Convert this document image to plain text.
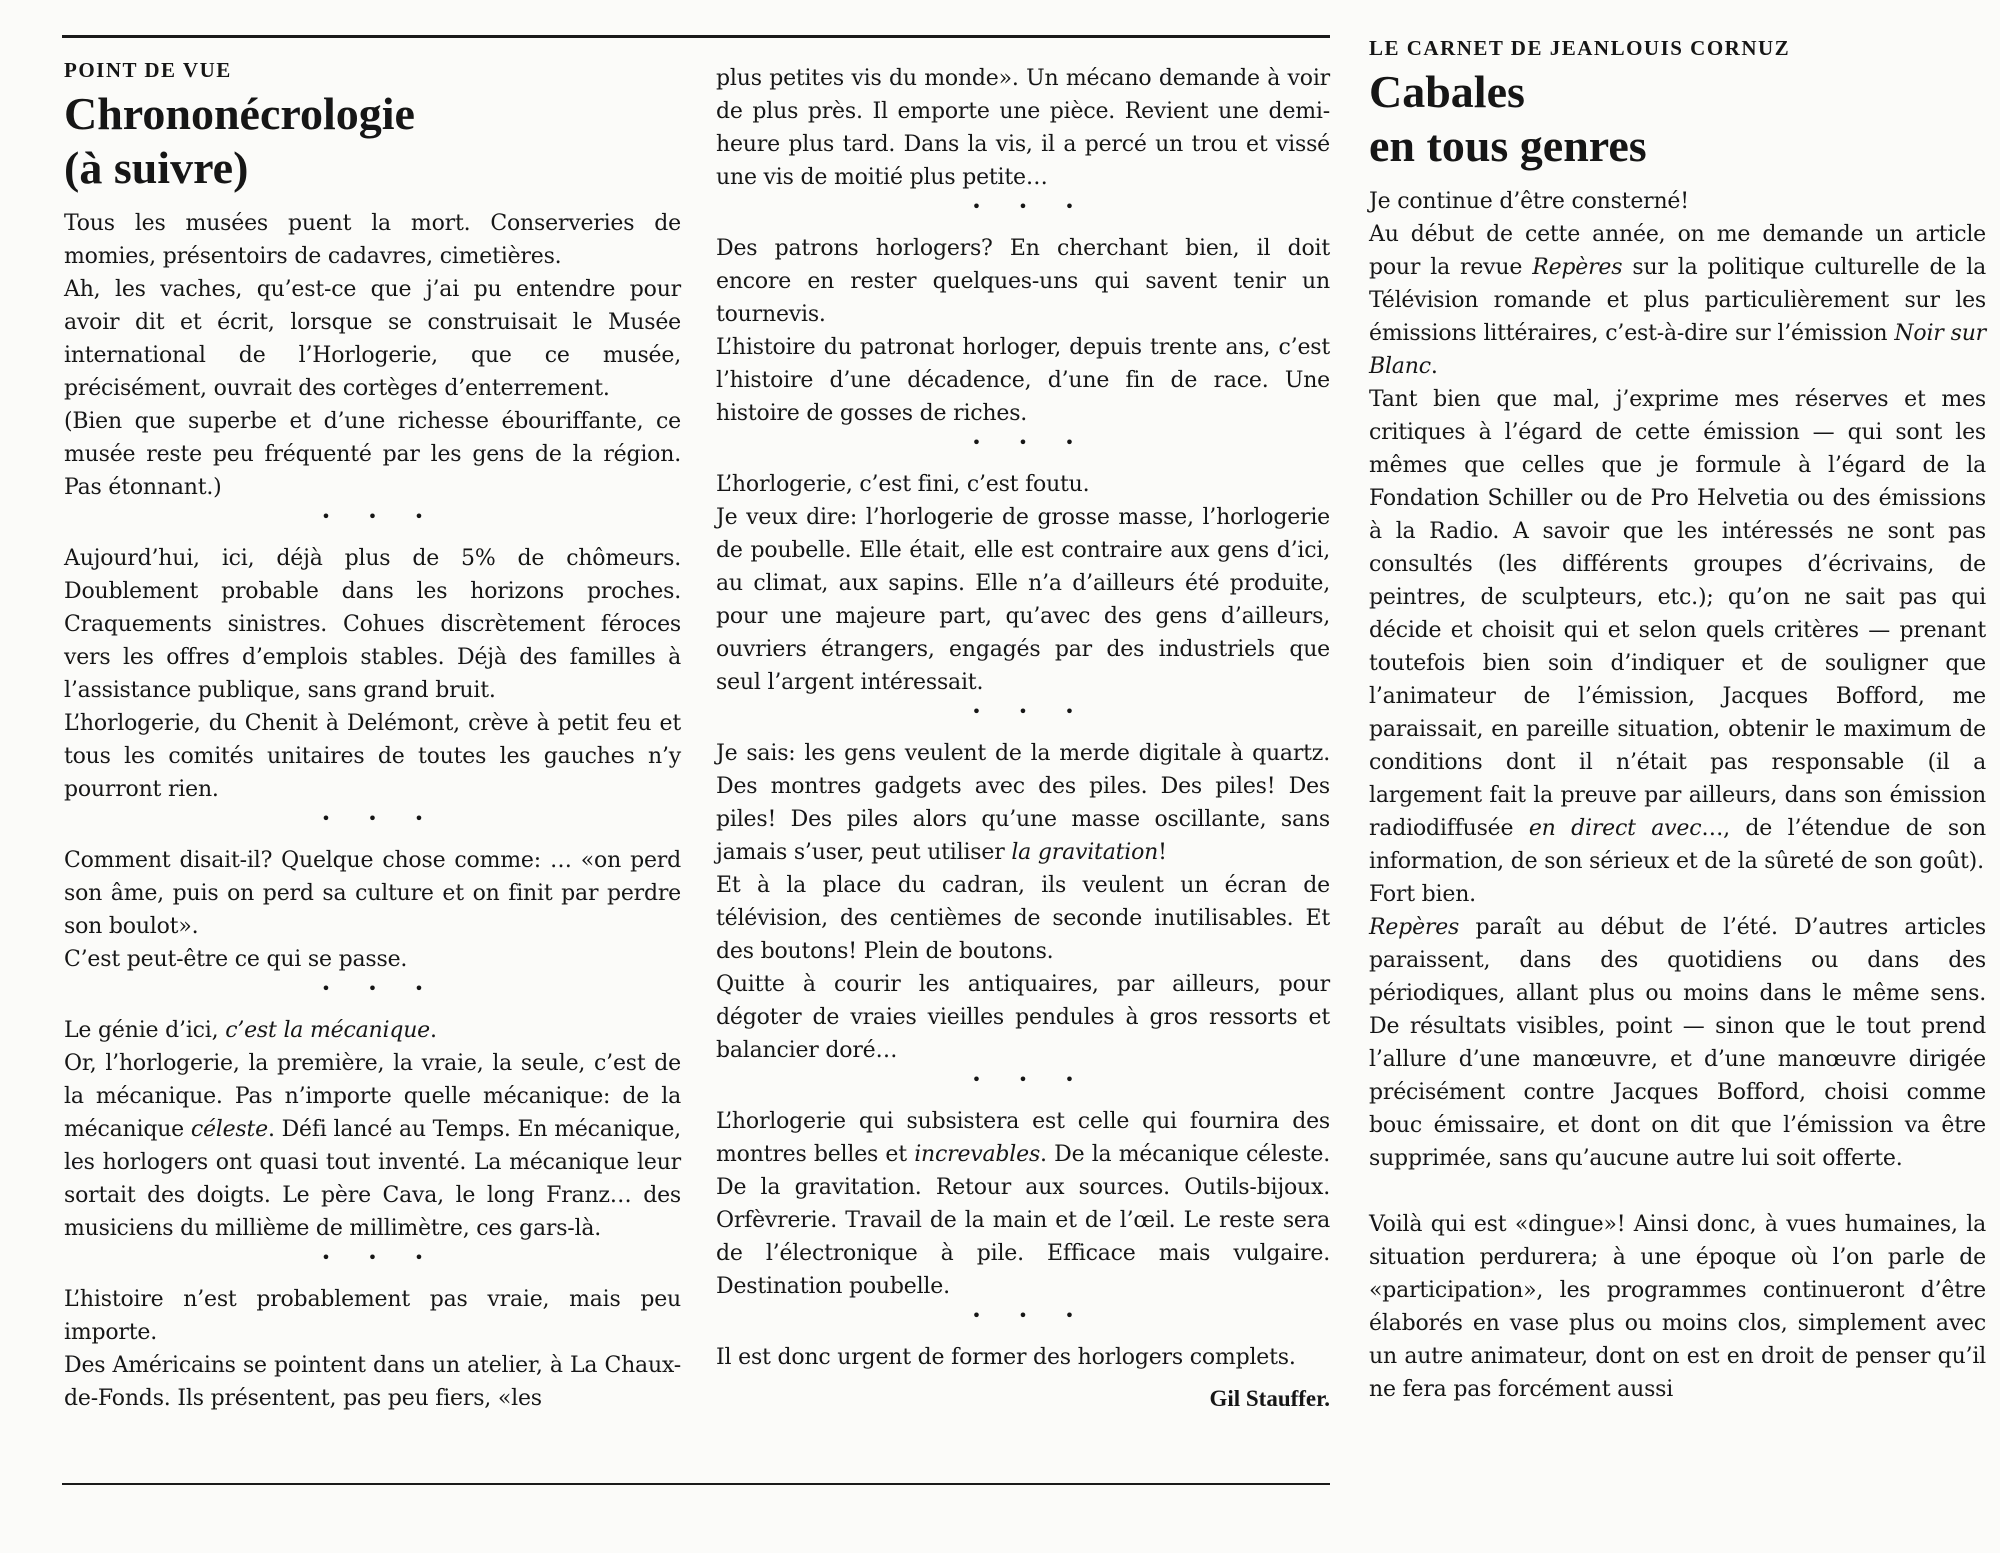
POINT DE VUE
Chrononécrologie
(à suivre)

Tous les musées puent la mort. Conserveries de momies, présentoirs de cadavres, cimetières.

Ah, les vaches, qu’est-ce que j’ai pu entendre pour avoir dit et écrit, lorsque se construisait le Musée international de l’Horlogerie, que ce musée, précisément, ouvrait des cortèges d’enterrement.

(Bien que superbe et d’une richesse ébouriffante, ce musée reste peu fréquenté par les gens de la région. Pas étonnant.)

• • •

Aujourd’hui, ici, déjà plus de 5% de chômeurs. Doublement probable dans les horizons proches. Craquements sinistres. Cohues discrètement féroces vers les offres d’emplois stables. Déjà des familles à l’assistance publique, sans grand bruit.

L’horlogerie, du Chenit à Delémont, crève à petit feu et tous les comités unitaires de toutes les gauches n’y pourront rien.

• • •

Comment disait-il? Quelque chose comme: … «on perd son âme, puis on perd sa culture et on finit par perdre son boulot».

C’est peut-être ce qui se passe.

• • •

Le génie d’ici, c’est la mécanique.

Or, l’horlogerie, la première, la vraie, la seule, c’est de la mécanique. Pas n’importe quelle mécanique: de la mécanique céleste. Défi lancé au Temps. En mécanique, les horlogers ont quasi tout inventé. La mécanique leur sortait des doigts. Le père Cava, le long Franz… des musiciens du millième de millimètre, ces gars-là.

• • •

L’histoire n’est probablement pas vraie, mais peu importe.

Des Américains se pointent dans un atelier, à La Chaux-de-Fonds. Ils présentent, pas peu fiers, «les

plus petites vis du monde». Un mécano demande à voir de plus près. Il emporte une pièce. Revient une demi-heure plus tard. Dans la vis, il a percé un trou et vissé une vis de moitié plus petite…

• • •

Des patrons horlogers? En cherchant bien, il doit encore en rester quelques-uns qui savent tenir un tournevis.

L’histoire du patronat horloger, depuis trente ans, c’est l’histoire d’une décadence, d’une fin de race. Une histoire de gosses de riches.

• • •

L’horlogerie, c’est fini, c’est foutu.

Je veux dire: l’horlogerie de grosse masse, l’horlogerie de poubelle. Elle était, elle est contraire aux gens d’ici, au climat, aux sapins. Elle n’a d’ailleurs été produite, pour une majeure part, qu’avec des gens d’ailleurs, ouvriers étrangers, engagés par des industriels que seul l’argent intéressait.

• • •

Je sais: les gens veulent de la merde digitale à quartz. Des montres gadgets avec des piles. Des piles! Des piles! Des piles alors qu’une masse oscillante, sans jamais s’user, peut utiliser la gravitation!

Et à la place du cadran, ils veulent un écran de télévision, des centièmes de seconde inutilisables. Et des boutons! Plein de boutons.

Quitte à courir les antiquaires, par ailleurs, pour dégoter de vraies vieilles pendules à gros ressorts et balancier doré…

• • •

L’horlogerie qui subsistera est celle qui fournira des montres belles et increvables. De la mécanique céleste. De la gravitation. Retour aux sources. Outils-bijoux. Orfèvrerie. Travail de la main et de l’œil. Le reste sera de l’électronique à pile. Efficace mais vulgaire. Destination poubelle.

• • •

Il est donc urgent de former des horlogers complets.

Gil Stauffer.
LE CARNET DE JEANLOUIS CORNUZ
Cabales
en tous genres

Je continue d’être consterné!

Au début de cette année, on me demande un article pour la revue Repères sur la politique culturelle de la Télévision romande et plus particulièrement sur les émissions littéraires, c’est-à-dire sur l’émission Noir sur Blanc.

Tant bien que mal, j’exprime mes réserves et mes critiques à l’égard de cette émission — qui sont les mêmes que celles que je formule à l’égard de la Fondation Schiller ou de Pro Helvetia ou des émissions à la Radio. A savoir que les intéressés ne sont pas consultés (les différents groupes d’écrivains, de peintres, de sculpteurs, etc.); qu’on ne sait pas qui décide et choisit qui et selon quels critères — prenant toutefois bien soin d’indiquer et de souligner que l’animateur de l’émission, Jacques Bofford, me paraissait, en pareille situation, obtenir le maximum de conditions dont il n’était pas responsable (il a largement fait la preuve par ailleurs, dans son émission radiodiffusée en direct avec…, de l’étendue de son information, de son sérieux et de la sûreté de son goût).

Fort bien.

Repères paraît au début de l’été. D’autres articles paraissent, dans des quotidiens ou dans des périodiques, allant plus ou moins dans le même sens. De résultats visibles, point — sinon que le tout prend l’allure d’une manœuvre, et d’une manœuvre dirigée précisément contre Jacques Bofford, choisi comme bouc émissaire, et dont on dit que l’émission va être supprimée, sans qu’aucune autre lui soit offerte.

Voilà qui est «dingue»! Ainsi donc, à vues humaines, la situation perdurera; à une époque où l’on parle de «participation», les programmes continueront d’être élaborés en vase plus ou moins clos, simplement avec un autre animateur, dont on est en droit de penser qu’il ne fera pas forcément aussi
